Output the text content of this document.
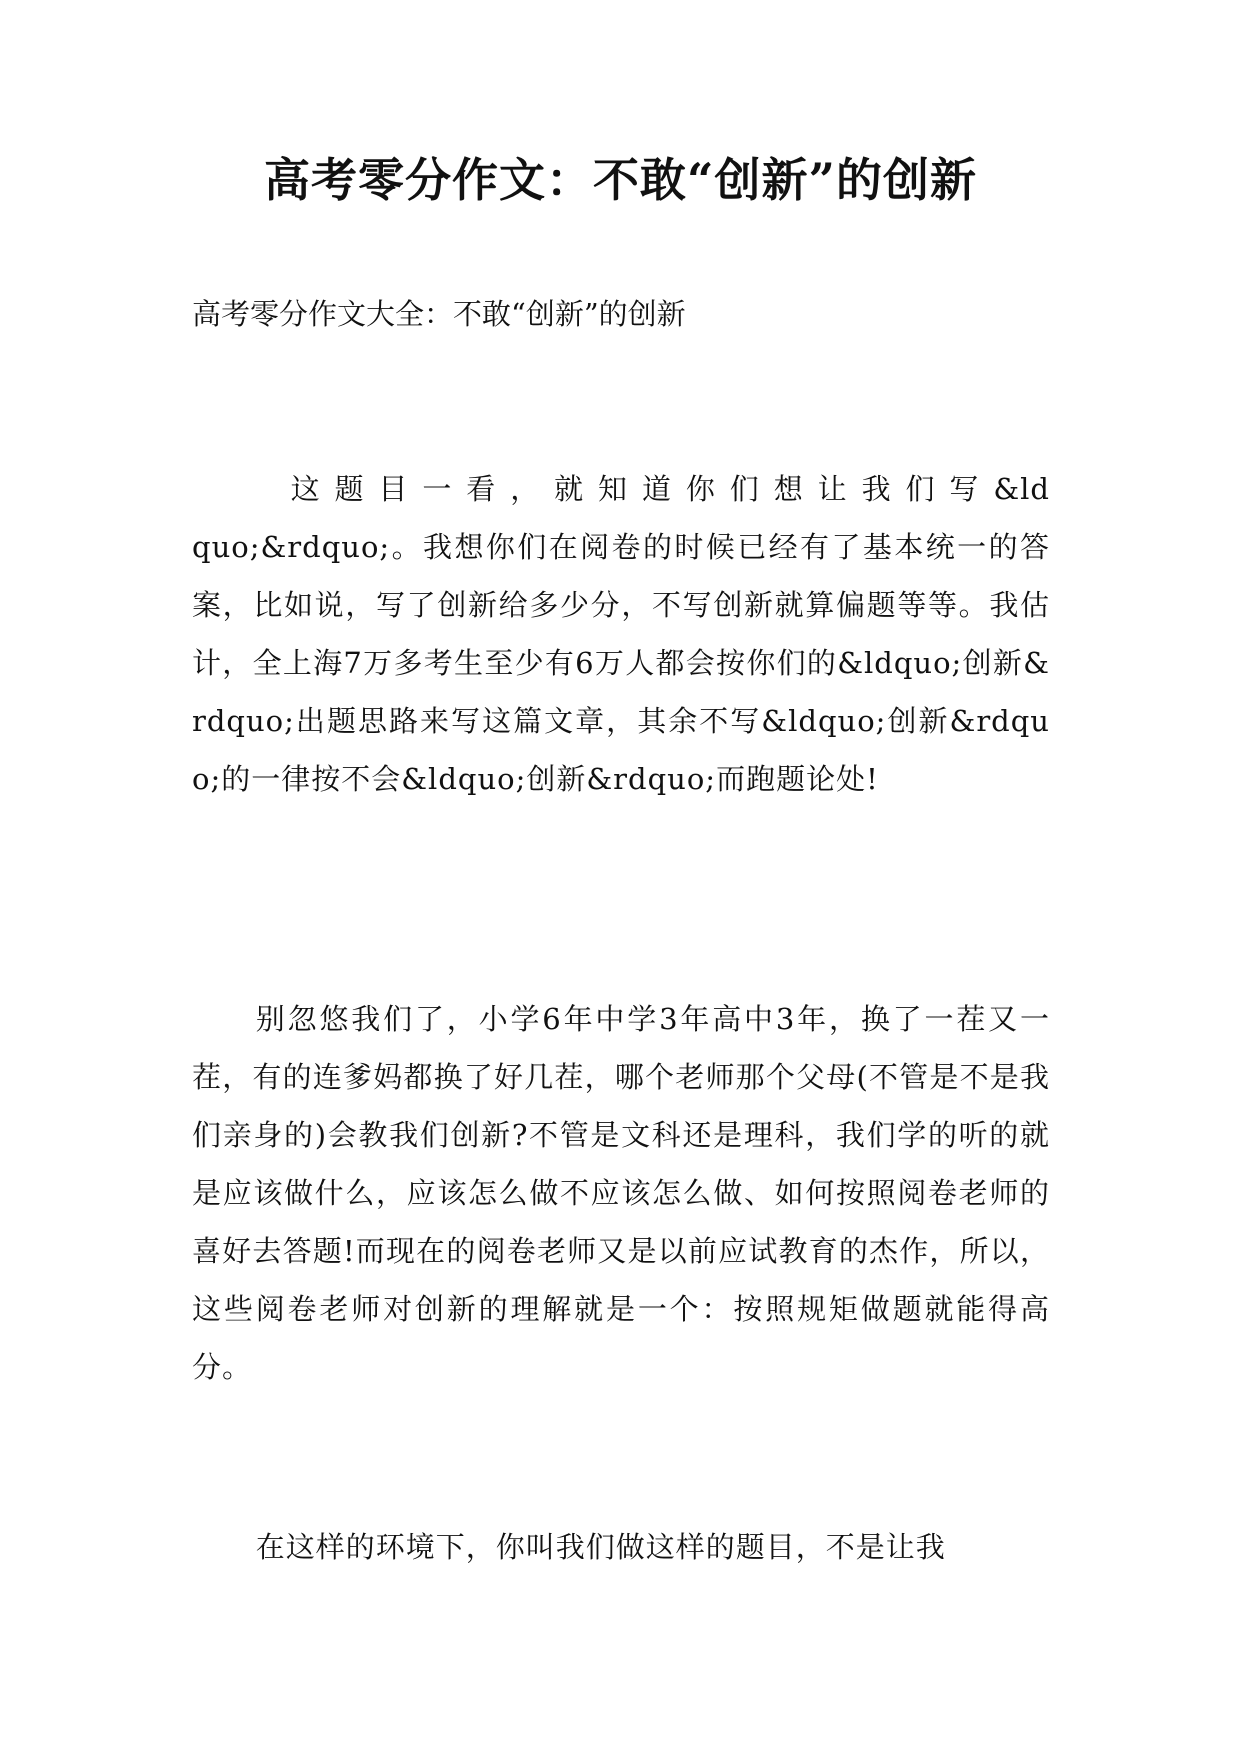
高考零分作文：不敢“创新”的创新

高考零分作文大全：不敢“创新”的创新

这题目一看，就知道你们想让我们写&ldquo;&rdquo;。我想你们在阅卷的时候已经有了基本统一的答案，比如说，写了创新给多少分，不写创新就算偏题等等。我估计，全上海7万多考生至少有6万人都会按你们的&ldquo;创新&rdquo;出题思路来写这篇文章，其余不写&ldquo;创新&rdquo;的一律按不会&ldquo;创新&rdquo;而跑题论处!

别忽悠我们了，小学6年中学3年高中3年，换了一茬又一茬，有的连爹妈都换了好几茬，哪个老师那个父母(不管是不是我们亲身的)会教我们创新?不管是文科还是理科，我们学的听的就是应该做什么，应该怎么做不应该怎么做、如何按照阅卷老师的喜好去答题!而现在的阅卷老师又是以前应试教育的杰作，所以，这些阅卷老师对创新的理解就是一个：按照规矩做题就能得高分。

在这样的环境下，你叫我们做这样的题目，不是让我
